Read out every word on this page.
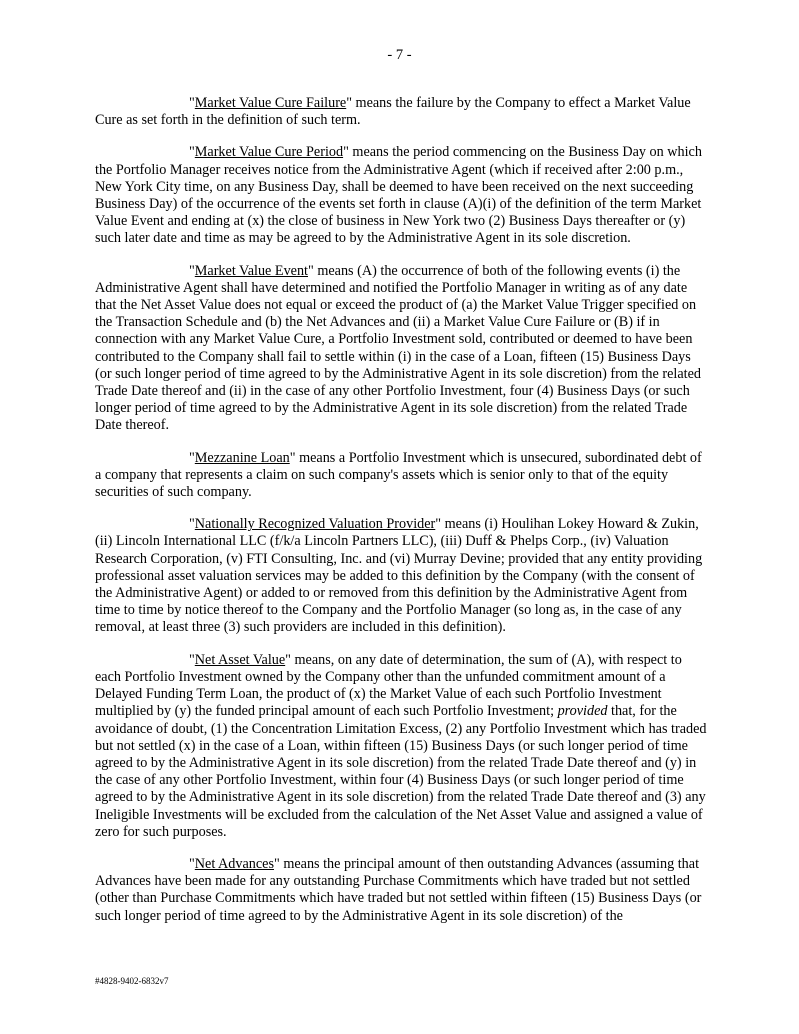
- 7 -

"Market Value Cure Failure" means the failure by the Company to effect a Market Value Cure as set forth in the definition of such term.

"Market Value Cure Period" means the period commencing on the Business Day on which the Portfolio Manager receives notice from the Administrative Agent (which if received after 2:00 p.m., New York City time, on any Business Day, shall be deemed to have been received on the next succeeding Business Day) of the occurrence of the events set forth in clause (A)(i) of the definition of the term Market Value Event and ending at (x) the close of business in New York two (2) Business Days thereafter or (y) such later date and time as may be agreed to by the Administrative Agent in its sole discretion.

"Market Value Event" means (A) the occurrence of both of the following events (i) the Administrative Agent shall have determined and notified the Portfolio Manager in writing as of any date that the Net Asset Value does not equal or exceed the product of (a) the Market Value Trigger specified on the Transaction Schedule and (b) the Net Advances and (ii) a Market Value Cure Failure or (B) if in connection with any Market Value Cure, a Portfolio Investment sold, contributed or deemed to have been contributed to the Company shall fail to settle within (i) in the case of a Loan, fifteen (15) Business Days (or such longer period of time agreed to by the Administrative Agent in its sole discretion) from the related Trade Date thereof and (ii) in the case of any other Portfolio Investment, four (4) Business Days (or such longer period of time agreed to by the Administrative Agent in its sole discretion) from the related Trade Date thereof.

"Mezzanine Loan" means a Portfolio Investment which is unsecured, subordinated debt of a company that represents a claim on such company's assets which is senior only to that of the equity securities of such company.

"Nationally Recognized Valuation Provider" means (i) Houlihan Lokey Howard & Zukin, (ii) Lincoln International LLC (f/k/a Lincoln Partners LLC), (iii) Duff & Phelps Corp., (iv) Valuation Research Corporation, (v) FTI Consulting, Inc. and (vi) Murray Devine; provided that any entity providing professional asset valuation services may be added to this definition by the Company (with the consent of the Administrative Agent) or added to or removed from this definition by the Administrative Agent from time to time by notice thereof to the Company and the Portfolio Manager (so long as, in the case of any removal, at least three (3) such providers are included in this definition).

"Net Asset Value" means, on any date of determination, the sum of (A), with respect to each Portfolio Investment owned by the Company other than the unfunded commitment amount of a Delayed Funding Term Loan, the product of (x) the Market Value of each such Portfolio Investment multiplied by (y) the funded principal amount of each such Portfolio Investment; provided that, for the avoidance of doubt, (1) the Concentration Limitation Excess, (2) any Portfolio Investment which has traded but not settled (x) in the case of a Loan, within fifteen (15) Business Days (or such longer period of time agreed to by the Administrative Agent in its sole discretion) from the related Trade Date thereof and (y) in the case of any other Portfolio Investment, within four (4) Business Days (or such longer period of time agreed to by the Administrative Agent in its sole discretion) from the related Trade Date thereof and (3) any Ineligible Investments will be excluded from the calculation of the Net Asset Value and assigned a value of zero for such purposes.

"Net Advances" means the principal amount of then outstanding Advances (assuming that Advances have been made for any outstanding Purchase Commitments which have traded but not settled (other than Purchase Commitments which have traded but not settled within fifteen (15) Business Days (or such longer period of time agreed to by the Administrative Agent in its sole discretion) of the

#4828-9402-6832v7
